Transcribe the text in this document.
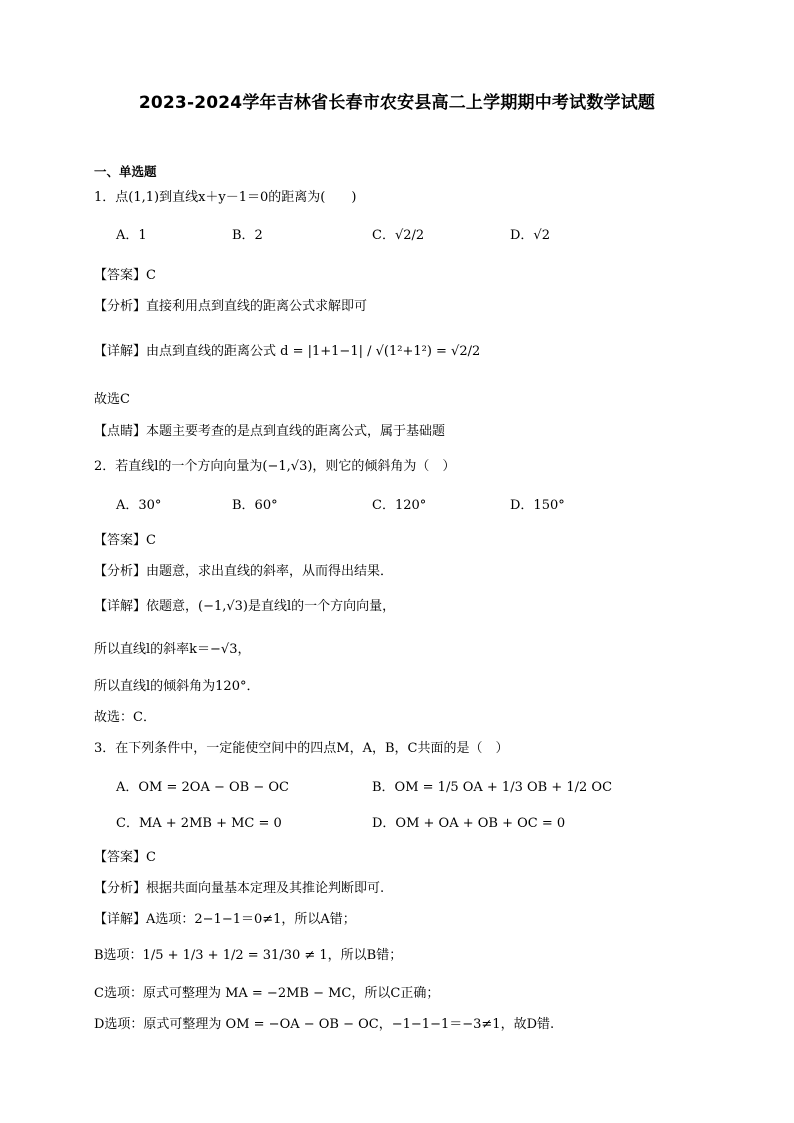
2023-2024学年吉林省长春市农安县高二上学期期中考试数学试题
一、单选题
1．点(1,1)到直线x＋y－1＝0的距离为(　　)
A．1	B．2	C．√2/2	D．√2
【答案】C
【分析】直接利用点到直线的距离公式求解即可
【详解】由点到直线的距离公式 d = |1+1−1| / √(1²+1²) = √2/2
故选C
【点睛】本题主要考查的是点到直线的距离公式，属于基础题
2．若直线l的一个方向向量为(−1,√3)，则它的倾斜角为（　）
A．30°	B．60°	C．120°	D．150°
【答案】C
【分析】由题意，求出直线的斜率，从而得出结果．
【详解】依题意，(−1,√3)是直线l的一个方向向量，
所以直线l的斜率k＝−√3，
所以直线l的倾斜角为120°．
故选：C．
3．在下列条件中，一定能使空间中的四点M，A，B，C共面的是（　）
A．OM = 2OA − OB − OC	B．OM = 1/5 OA + 1/3 OB + 1/2 OC
C．MA + 2MB + MC = 0	D．OM + OA + OB + OC = 0
【答案】C
【分析】根据共面向量基本定理及其推论判断即可.
【详解】A选项：2−1−1＝0≠1，所以A错；
B选项：1/5 + 1/3 + 1/2 = 31/30 ≠ 1，所以B错；
C选项：原式可整理为 MA = −2MB − MC，所以C正确；
D选项：原式可整理为 OM = −OA − OB − OC，−1−1−1＝−3≠1，故D错.
